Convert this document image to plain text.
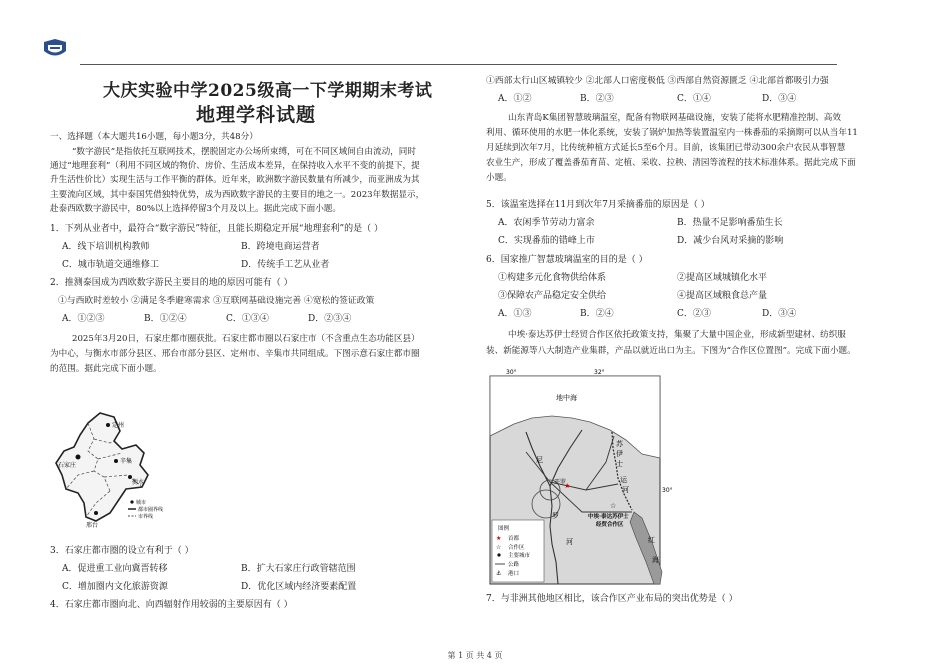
大庆实验中学2025级高一下学期期末考试
地理学科试题
一、选择题（本大题共16小题，每小题3分，共48分）
“数字游民”是指依托互联网技术，摆脱固定办公场所束缚，可在不同区域间自由流动，同时
通过“地理套利”（利用不同区域的物价、房价、生活成本差异，在保持收入水平不变的前提下，提
升生活性价比）实现生活与工作平衡的群体。近年来，欧洲数字游民数量有所减少，而亚洲成为其
主要流向区域，其中泰国凭借独特优势，成为西欧数字游民的主要目的地之一。2023年数据显示，
赴泰西欧数字游民中，80%以上选择停留3个月及以上。据此完成下面小题。
1．下列从业者中，最符合“数字游民”特征，且能长期稳定开展“地理套利”的是（ ）
A．线下培训机构教师	B．跨境电商运营者
C．城市轨道交通维修工	D．传统手工艺从业者
2．推测泰国成为西欧数字游民主要目的地的原因可能有（ ）
①与西欧时差较小 ②满足冬季避寒需求 ③互联网基础设施完善 ④宽松的签证政策
A．①②③	B．①②④	C．①③④	D．②③④
2025年3月20日，石家庄都市圈获批。石家庄都市圈以石家庄市（不含重点生态功能区县）
为中心，与衡水市部分县区、邢台市部分县区、定州市、辛集市共同组成。下图示意石家庄都市圈
的范围。据此完成下面小题。
定州
石家庄
辛集
衡水
邢台
城市
都市圈界线
市界线
3．石家庄都市圈的设立有利于（ ）
A．促进重工业向冀晋转移	B．扩大石家庄行政管辖范围
C．增加圈内文化旅游资源	D．优化区域内经济要素配置
4．石家庄都市圈向北、向西辐射作用较弱的主要原因有（ ）
①西部太行山区城镇较少 ②北部人口密度极低 ③西部自然资源匮乏 ④北部首都吸引力强
A．①②	B．②③	C．①④	D．③④
山东青岛K集团智慧玻璃温室，配备有物联网基础设施，安装了能将水肥精准控制、高效
利用、循环使用的水肥一体化系统，安装了锅炉加热等装置温室内一株番茄的采摘期可以从当年11
月延续到次年7月，比传统种植方式延长5至6个月。目前，该集团已带动300余户农民从事智慧
农业生产，形成了覆盖番茄育苗、定植、采收、拉秧、清园等流程的技术标准体系。据此完成下面
小题。
5．该温室选择在11月到次年7月采摘番茄的原因是（ ）
A．农闲季节劳动力富余	B．热量不足影响番茄生长
C．实现番茄的错峰上市	D．减少台风对采摘的影响
6．国家推广智慧玻璃温室的目的是（ ）
①构建多元化食物供给体系	②提高区域城镇化水平
③保障农产品稳定安全供给	④提高区域粮食总产量
A．①③	B．②④	C．②③	D．③④
中埃·泰达苏伊士经贸合作区依托政策支持，集聚了大量中国企业，形成新型建材、纺织服
装、新能源等八大制造产业集群，产品以就近出口为主。下图为“合作区位置图”。完成下面小题。
30°	32°
30°
地中海
尼
罗
河
苏
伊
士
运
河
红
海
★
开罗
☆
中埃·泰达苏伊士
经贸合作区
图例
★ 首都
☆ 合作区
主要城市
公路
⚓ 港口
7．与非洲其他地区相比，该合作区产业布局的突出优势是（ ）
第 1 页 共 4 页
